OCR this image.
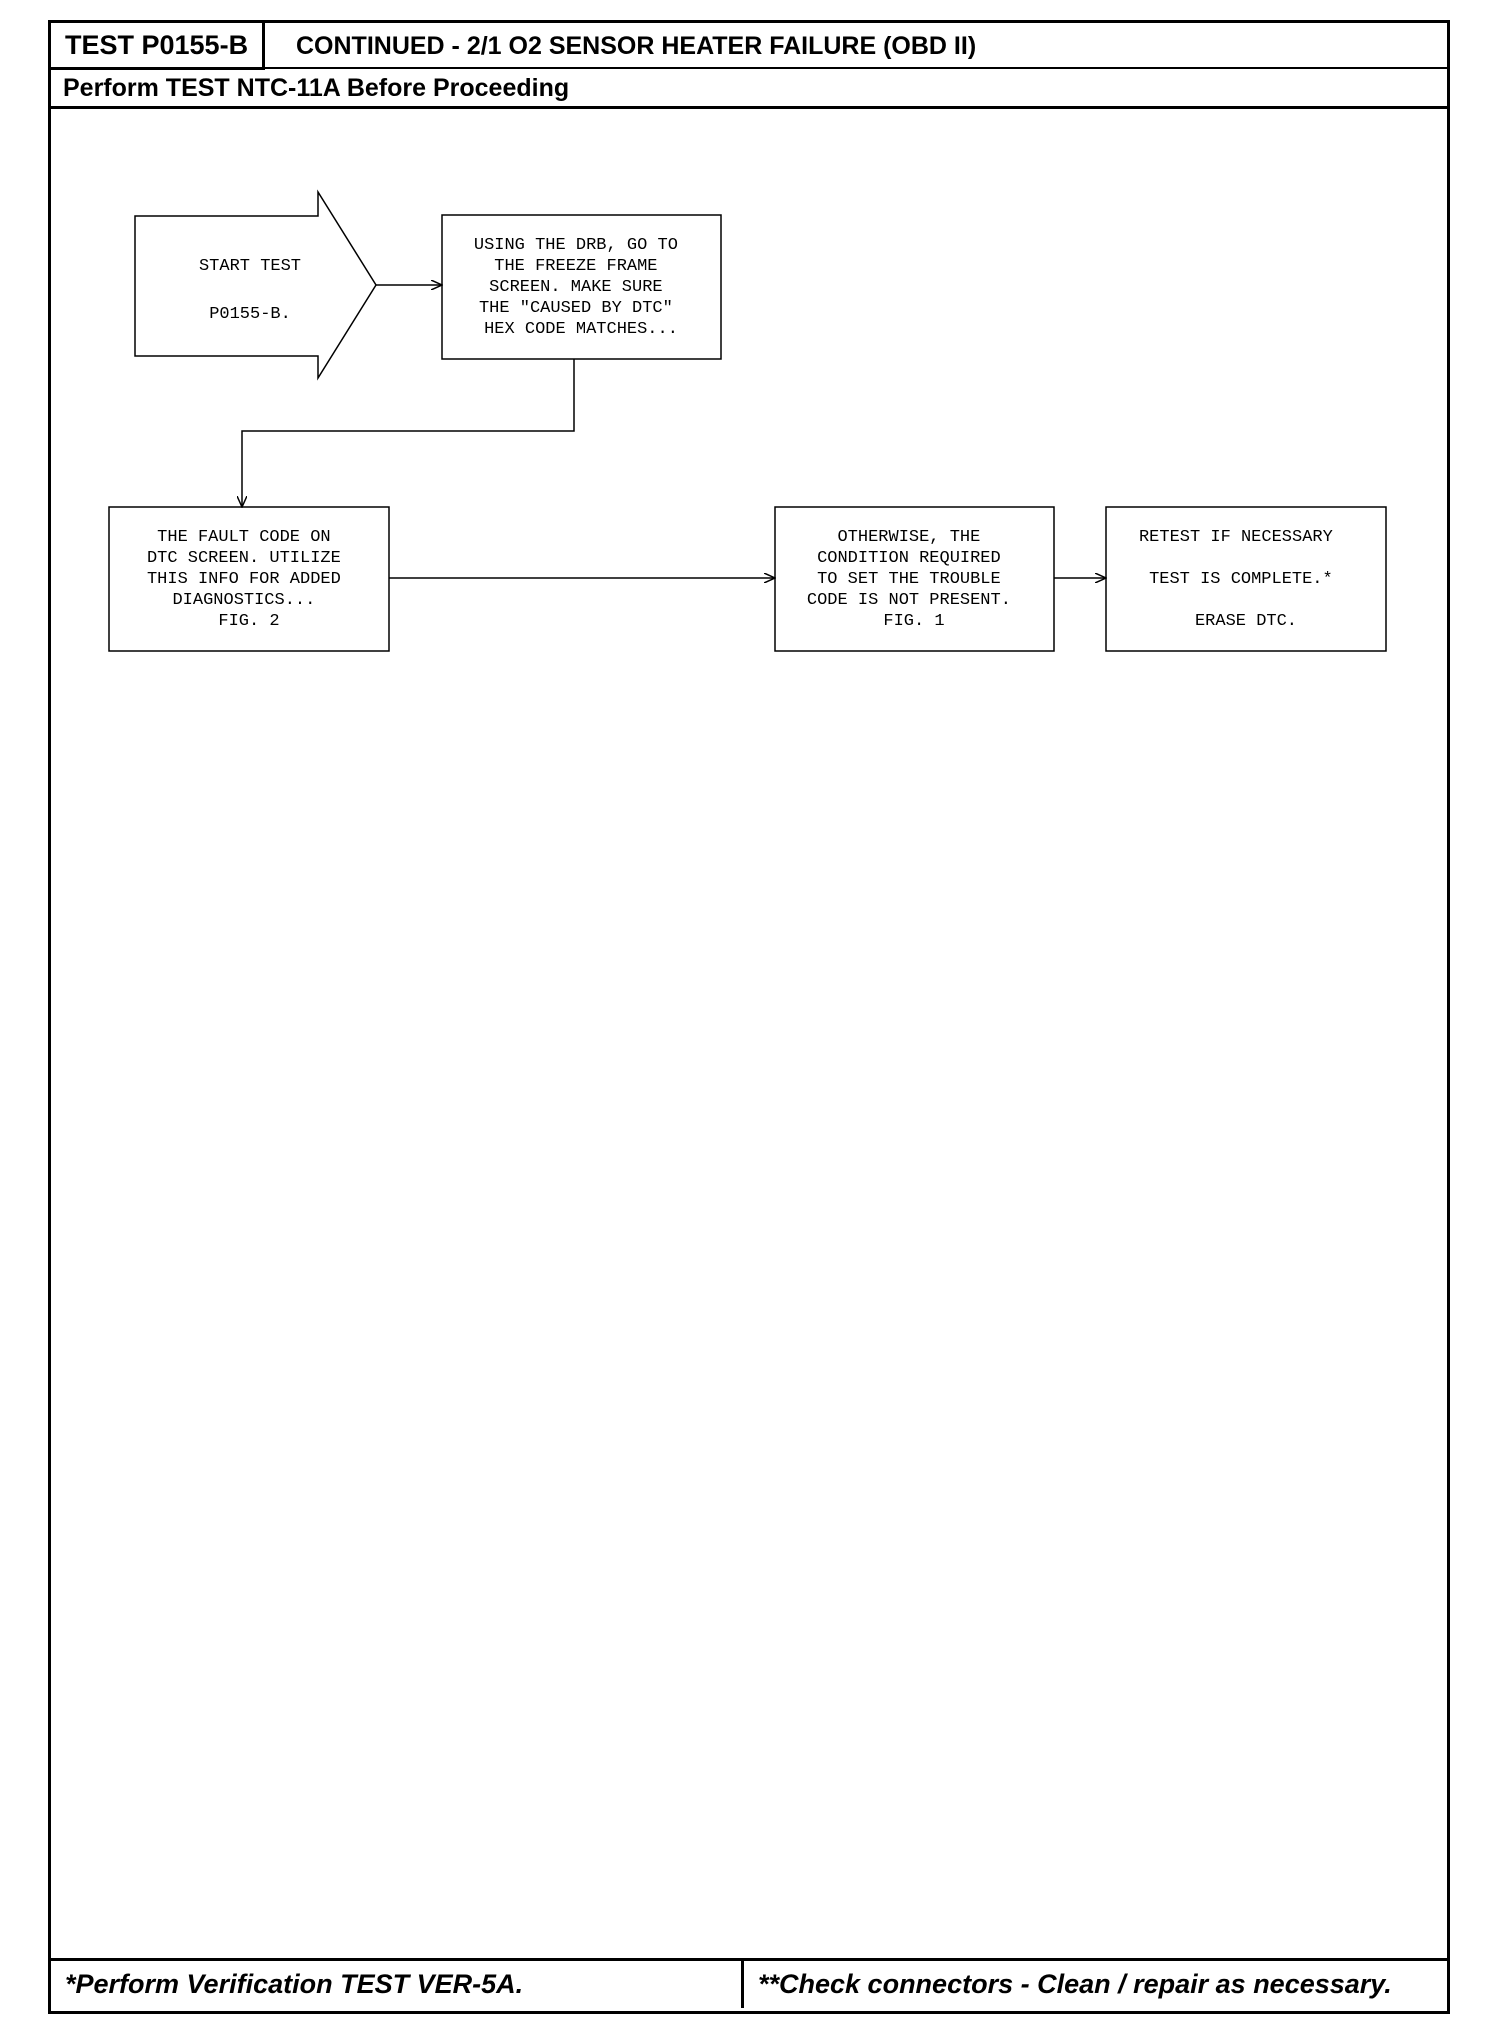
TEST P0155-B	CONTINUED - 2/1 O2 SENSOR HEATER FAILURE (OBD II)
Perform TEST NTC-11A Before Proceeding
*Perform Verification TEST VER-5A.	**Check connectors - Clean / repair as necessary.
START TEST
P0155-B.
USING THE DRB, GO TO THE FREEZE FRAME SCREEN. MAKE SURE THE "CAUSED BY DTC" HEX CODE MATCHES...
THE FAULT CODE ON DTC SCREEN. UTILIZE THIS INFO FOR ADDED DIAGNOSTICS... FIG. 2
OTHERWISE, THE CONDITION REQUIRED TO SET THE TROUBLE CODE IS NOT PRESENT. FIG. 1
RETEST IF NECESSARY TEST IS COMPLETE.* ERASE DTC.
